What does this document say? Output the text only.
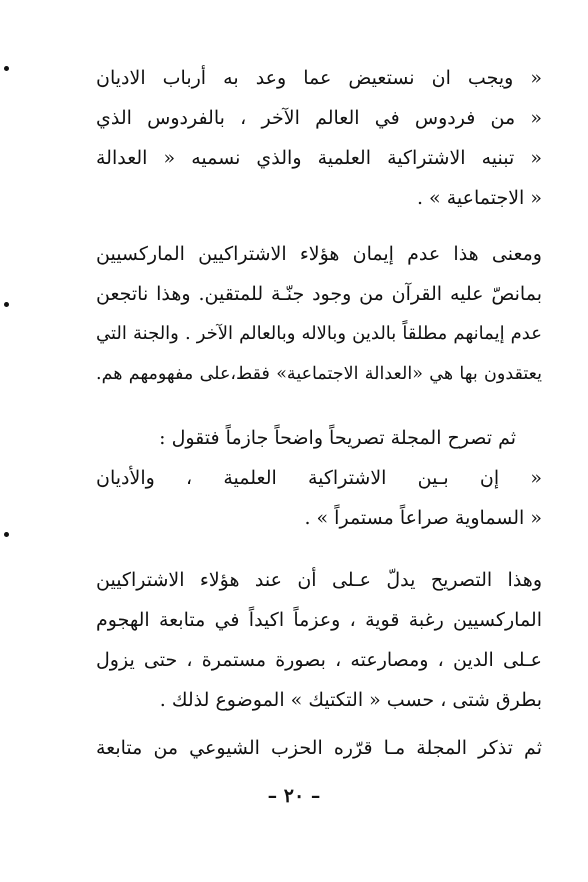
« ويجب ان نستعيض عما وعد به أرباب الاديان
« من فردوس في العالم الآخر ، بالفردوس الذي
« تبنيه الاشتراكية العلمية والذي نسميه « العدالة
« الاجتماعية » .
ومعنى هذا عدم إيمان هؤلاء الاشتراكيين الماركسيين
بمانصّ عليه القرآن من وجود جنّـة للمتقين. وهذا ناتجعن
عدم إيمانهم مطلقاً بالدين وبالاله وبالعالم الآخر . والجنة التي
يعتقدون بها هي «العدالة الاجتماعية» فقط،على مفهومهم هم.
ثم تصرح المجلة تصريحاً واضحاً جازماً فتقول :
« إن بـين الاشتراكية العلمية ، والأديان
« السماوية صراعاً مستمراً » .
وهذا التصريح يدلّ عـلى أن عند هؤلاء الاشتراكيين
الماركسيين رغبة قوية ، وعزماً اكيداً في متابعة الهجوم
عـلى الدين ، ومصارعته ، بصورة مستمرة ، حتى يزول
بطرق شتى ، حسب « التكتيك » الموضوع لذلك .
ثم تذكر المجلة مـا قرّره الحزب الشيوعي من متابعة
– ٢٠ –
